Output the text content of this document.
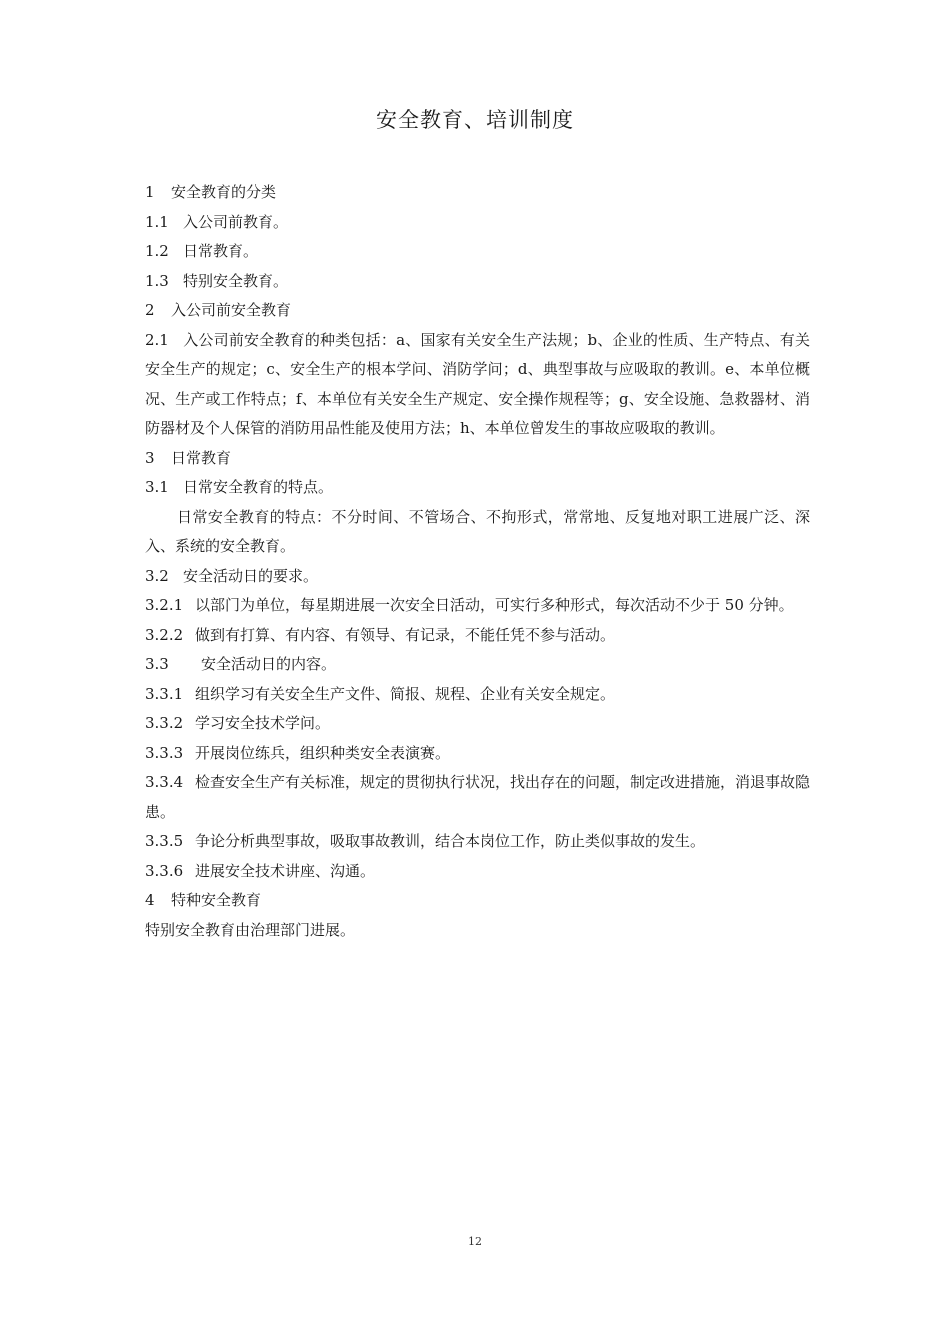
安全教育、培训制度

1 安全教育的分类

1.1 入公司前教育。

1.2 日常教育。

1.3 特别安全教育。

2 入公司前安全教育

2.1 入公司前安全教育的种类包括：a、国家有关安全生产法规；b、企业的性质、生产特点、有关安全生产的规定；c、安全生产的根本学问、消防学问；d、典型事故与应吸取的教训。e、本单位概况、生产或工作特点；f、本单位有关安全生产规定、安全操作规程等；g、安全设施、急救器材、消防器材及个人保管的消防用品性能及使用方法；h、本单位曾发生的事故应吸取的教训。

3 日常教育

3.1 日常安全教育的特点。

日常安全教育的特点：不分时间、不管场合、不拘形式，常常地、反复地对职工进展广泛、深入、系统的安全教育。

3.2 安全活动日的要求。

3.2.1 以部门为单位，每星期进展一次安全日活动，可实行多种形式，每次活动不少于 50 分钟。

3.2.2 做到有打算、有内容、有领导、有记录，不能任凭不参与活动。

3.3 安全活动日的内容。

3.3.1 组织学习有关安全生产文件、简报、规程、企业有关安全规定。

3.3.2 学习安全技术学问。

3.3.3 开展岗位练兵，组织种类安全表演赛。

3.3.4 检查安全生产有关标准，规定的贯彻执行状况，找出存在的问题，制定改进措施，消退事故隐患。

3.3.5 争论分析典型事故，吸取事故教训，结合本岗位工作，防止类似事故的发生。

3.3.6 进展安全技术讲座、沟通。

4 特种安全教育

特别安全教育由治理部门进展。

12
